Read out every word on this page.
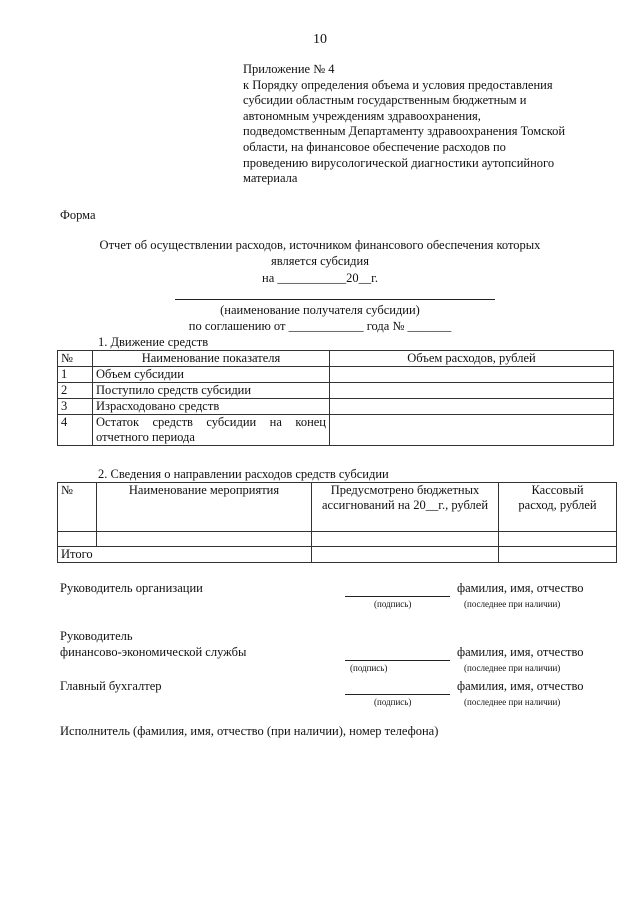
10
Приложение № 4
к Порядку определения объема и условия предоставления
субсидии областным государственным бюджетным и
автономным учреждениям здравоохранения,
подведомственным Департаменту здравоохранения Томской
области, на финансовое обеспечение расходов по
проведению вирусологической диагностики аутопсийного
материала
Форма
Отчет об осуществлении расходов, источником финансового обеспечения которых
является субсидия
на ___________20__г.
(наименование получателя субсидии)
по соглашению от ____________ года № _______
1. Движение средств
№	Наименование показателя	Объем расходов, рублей
1	Объем субсидии	
2	Поступило средств субсидии	
3	Израсходовано средств	
4	Остаток средств субсидии на конец
отчетного периода	

2. Сведения о направлении расходов средств субсидии
№	Наименование мероприятия	Предусмотрено бюджетных ассигнований на 20__г., рублей	Кассовый расход, рублей

Итого			
Руководитель организации	фамилия, имя, отчество
(подпись)	(последнее при наличии)
Руководитель
финансово-экономической службы	фамилия, имя, отчество
(подпись)	(последнее при наличии)
Главный бухгалтер	фамилия, имя, отчество
(подпись)	(последнее при наличии)
Исполнитель (фамилия, имя, отчество (при наличии), номер телефона)
